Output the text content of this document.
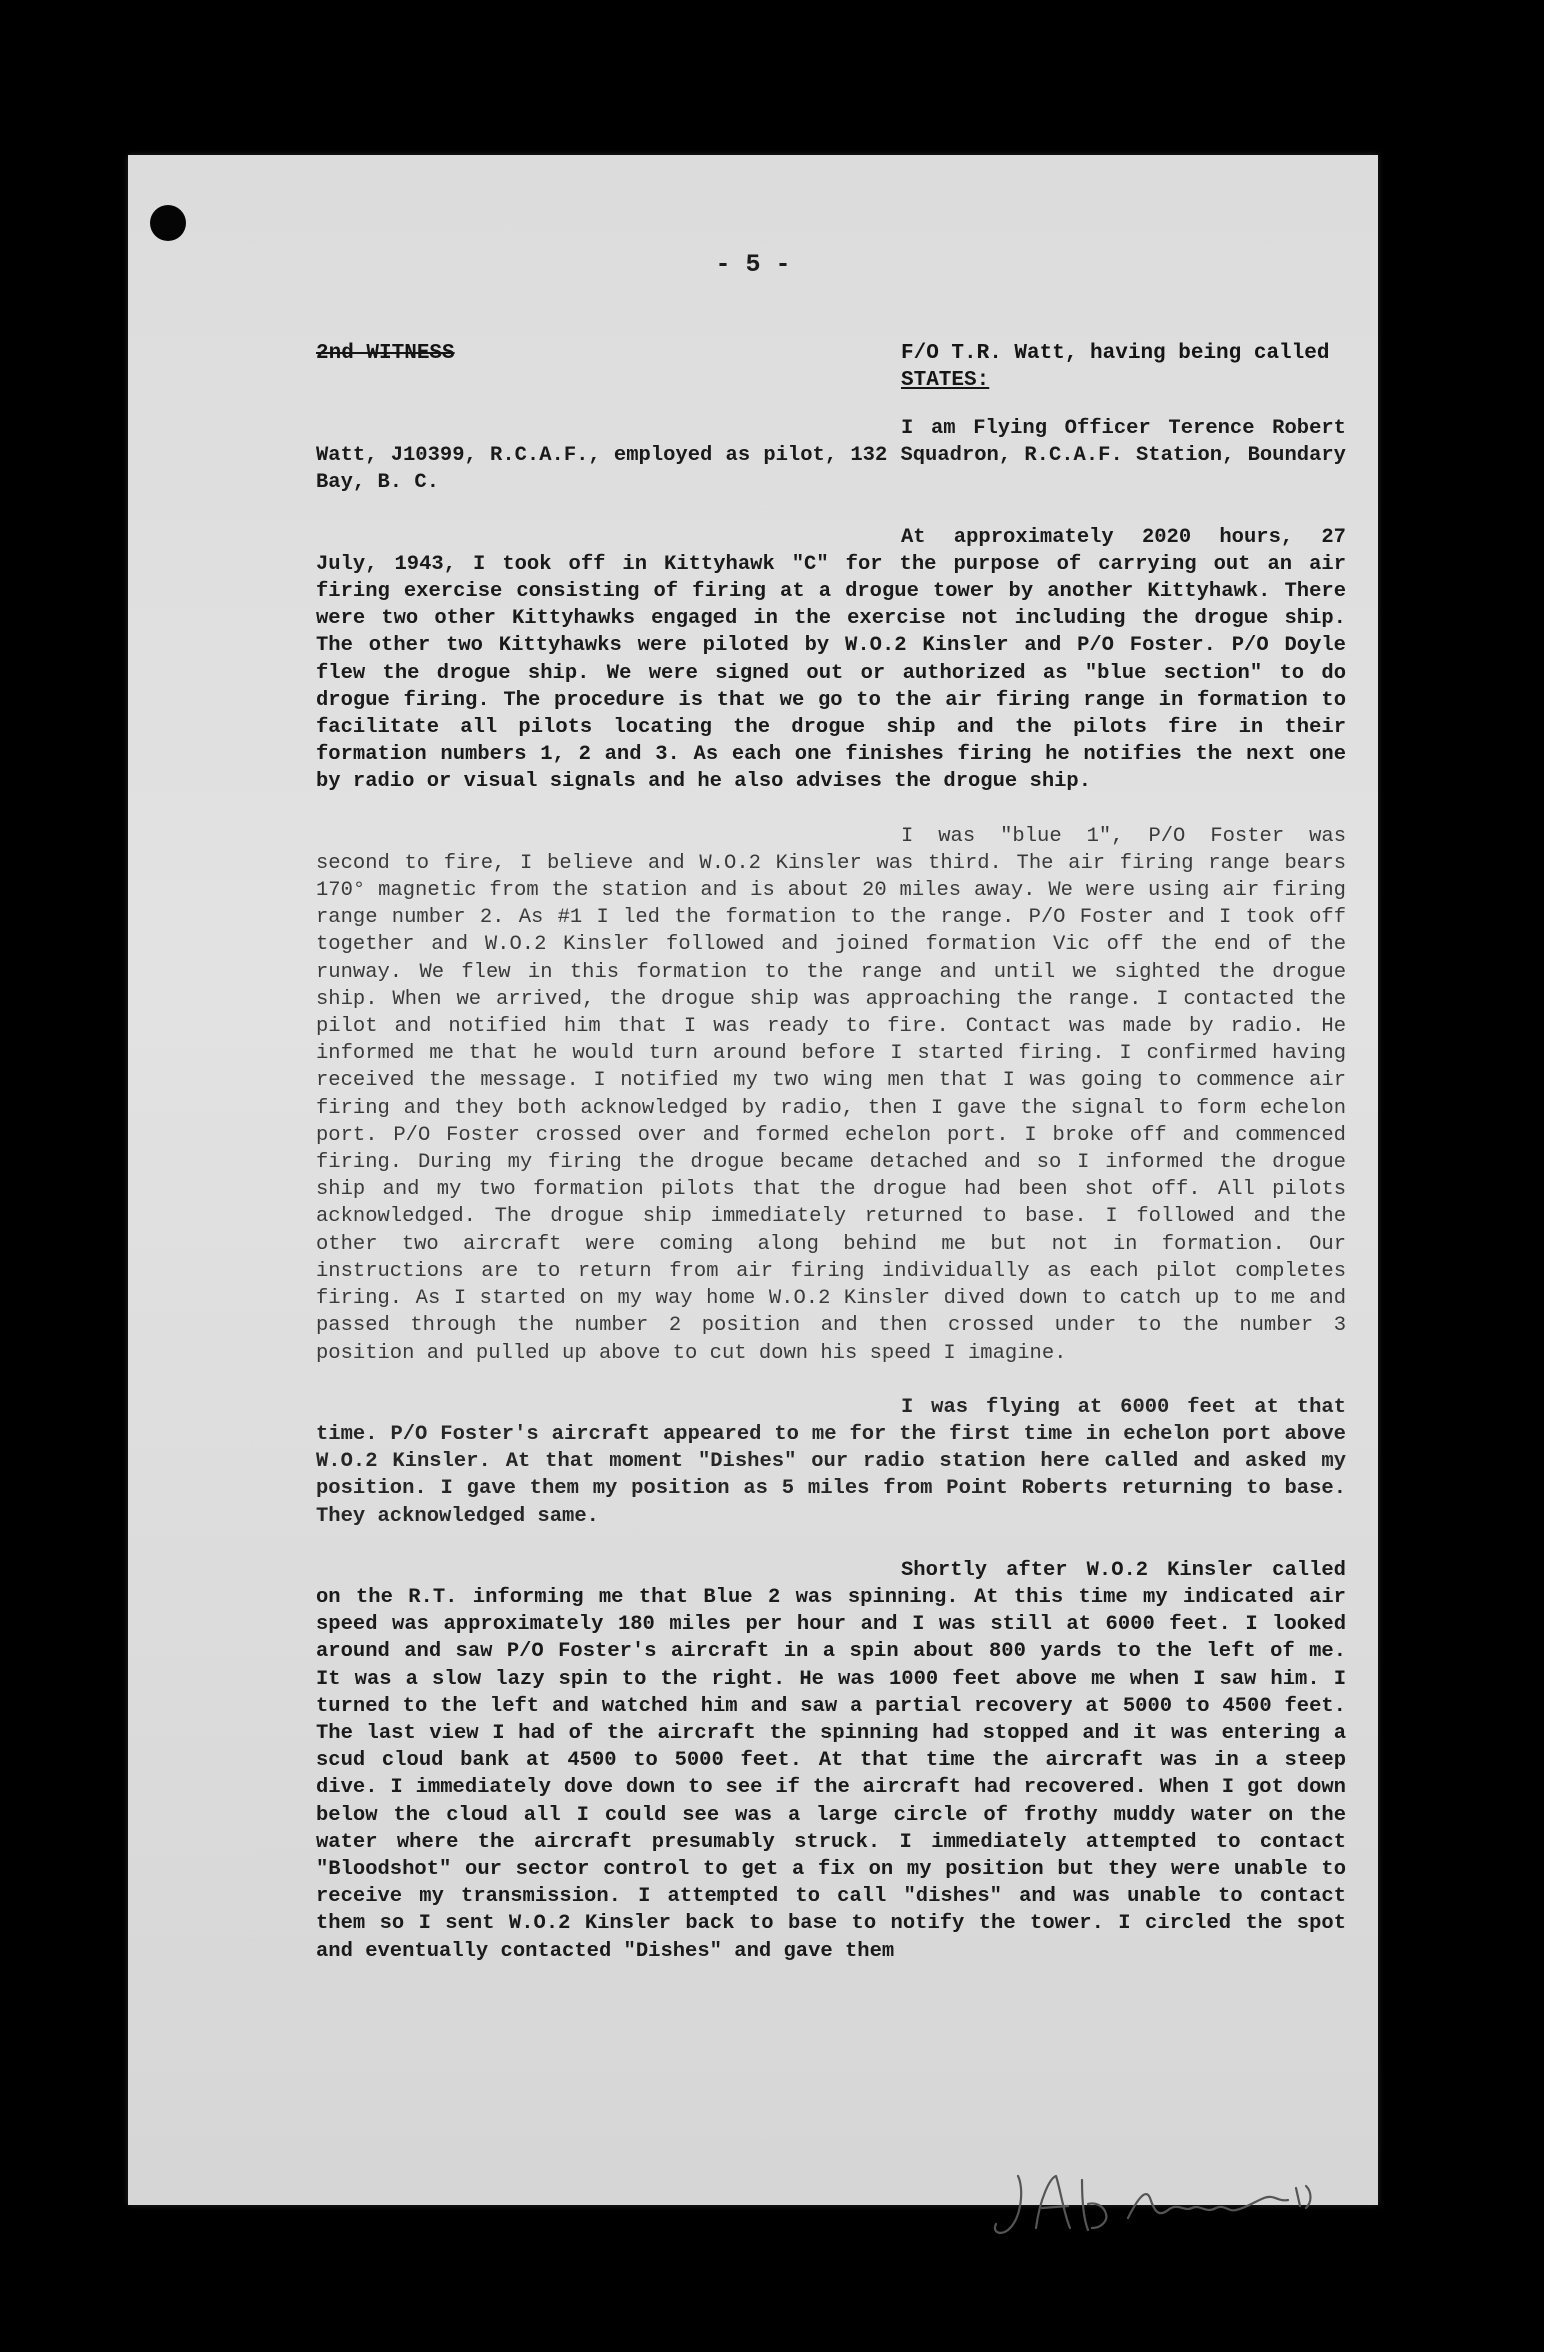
- 5 -
2nd WITNESS	F/O T.R. Watt, having being called
STATES:

I am Flying Officer Terence Robert Watt, J10399, R.C.A.F., employed as pilot, 132 Squadron, R.C.A.F. Station, Boundary Bay, B. C.

At approximately 2020 hours, 27 July, 1943, I took off in Kittyhawk "C" for the purpose of carrying out an air firing exercise consisting of firing at a drogue tower by another Kittyhawk. There were two other Kittyhawks engaged in the exercise not including the drogue ship. The other two Kittyhawks were piloted by W.O.2 Kinsler and P/O Foster. P/O Doyle flew the drogue ship. We were signed out or authorized as "blue section" to do drogue firing. The procedure is that we go to the air firing range in formation to facilitate all pilots locating the drogue ship and the pilots fire in their formation numbers 1, 2 and 3. As each one finishes firing he notifies the next one by radio or visual signals and he also advises the drogue ship.

I was "blue 1", P/O Foster was second to fire, I believe and W.O.2 Kinsler was third. The air firing range bears 170° magnetic from the station and is about 20 miles away. We were using air firing range number 2. As #1 I led the formation to the range. P/O Foster and I took off together and W.O.2 Kinsler followed and joined formation Vic off the end of the runway. We flew in this formation to the range and until we sighted the drogue ship. When we arrived, the drogue ship was approaching the range. I contacted the pilot and notified him that I was ready to fire. Contact was made by radio. He informed me that he would turn around before I started firing. I confirmed having received the message. I notified my two wing men that I was going to commence air firing and they both acknowledged by radio, then I gave the signal to form echelon port. P/O Foster crossed over and formed echelon port. I broke off and commenced firing. During my firing the drogue became detached and so I informed the drogue ship and my two formation pilots that the drogue had been shot off. All pilots acknowledged. The drogue ship immediately returned to base. I followed and the other two aircraft were coming along behind me but not in formation. Our instructions are to return from air firing individually as each pilot completes firing. As I started on my way home W.O.2 Kinsler dived down to catch up to me and passed through the number 2 position and then crossed under to the number 3 position and pulled up above to cut down his speed I imagine.

I was flying at 6000 feet at that time. P/O Foster's aircraft appeared to me for the first time in echelon port above W.O.2 Kinsler. At that moment "Dishes" our radio station here called and asked my position. I gave them my position as 5 miles from Point Roberts returning to base. They acknowledged same.

Shortly after W.O.2 Kinsler called on the R.T. informing me that Blue 2 was spinning. At this time my indicated air speed was approximately 180 miles per hour and I was still at 6000 feet. I looked around and saw P/O Foster's aircraft in a spin about 800 yards to the left of me. It was a slow lazy spin to the right. He was 1000 feet above me when I saw him. I turned to the left and watched him and saw a partial recovery at 5000 to 4500 feet. The last view I had of the aircraft the spinning had stopped and it was entering a scud cloud bank at 4500 to 5000 feet. At that time the aircraft was in a steep dive. I immediately dove down to see if the aircraft had recovered. When I got down below the cloud all I could see was a large circle of frothy muddy water on the water where the aircraft presumably struck. I immediately attempted to contact "Bloodshot" our sector control to get a fix on my position but they were unable to receive my transmission. I attempted to call "dishes" and was unable to contact them so I sent W.O.2 Kinsler back to base to notify the tower. I circled the spot and eventually contacted "Dishes" and gave them
